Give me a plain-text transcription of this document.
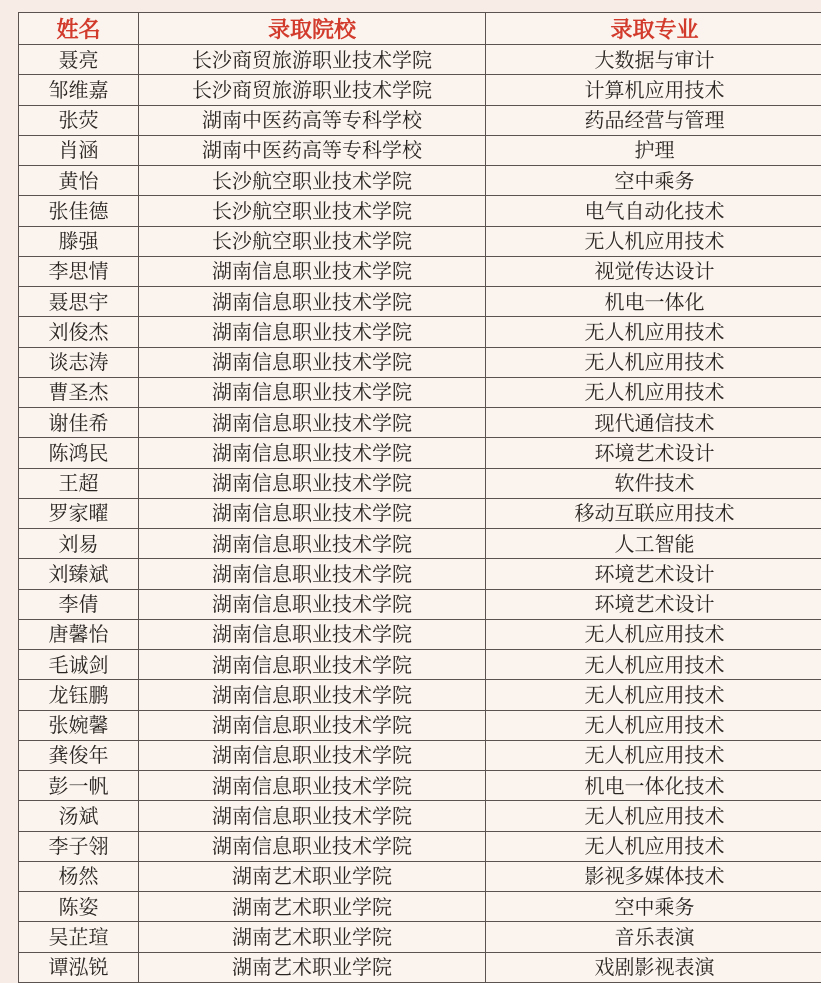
姓名	录取院校	录取专业
聂亮	长沙商贸旅游职业技术学院	大数据与审计
邹维嘉	长沙商贸旅游职业技术学院	计算机应用技术
张荧	湖南中医药高等专科学校	药品经营与管理
肖涵	湖南中医药高等专科学校	护理
黄怡	长沙航空职业技术学院	空中乘务
张佳德	长沙航空职业技术学院	电气自动化技术
滕强	长沙航空职业技术学院	无人机应用技术
李思情	湖南信息职业技术学院	视觉传达设计
聂思宇	湖南信息职业技术学院	机电一体化
刘俊杰	湖南信息职业技术学院	无人机应用技术
谈志涛	湖南信息职业技术学院	无人机应用技术
曹圣杰	湖南信息职业技术学院	无人机应用技术
谢佳希	湖南信息职业技术学院	现代通信技术
陈鸿民	湖南信息职业技术学院	环境艺术设计
王超	湖南信息职业技术学院	软件技术
罗家曜	湖南信息职业技术学院	移动互联应用技术
刘易	湖南信息职业技术学院	人工智能
刘臻斌	湖南信息职业技术学院	环境艺术设计
李倩	湖南信息职业技术学院	环境艺术设计
唐馨怡	湖南信息职业技术学院	无人机应用技术
毛诚剑	湖南信息职业技术学院	无人机应用技术
龙钰鹏	湖南信息职业技术学院	无人机应用技术
张婉馨	湖南信息职业技术学院	无人机应用技术
龚俊年	湖南信息职业技术学院	无人机应用技术
彭一帆	湖南信息职业技术学院	机电一体化技术
汤斌	湖南信息职业技术学院	无人机应用技术
李子翎	湖南信息职业技术学院	无人机应用技术
杨然	湖南艺术职业学院	影视多媒体技术
陈姿	湖南艺术职业学院	空中乘务
吴芷瑄	湖南艺术职业学院	音乐表演
谭泓锐	湖南艺术职业学院	戏剧影视表演
